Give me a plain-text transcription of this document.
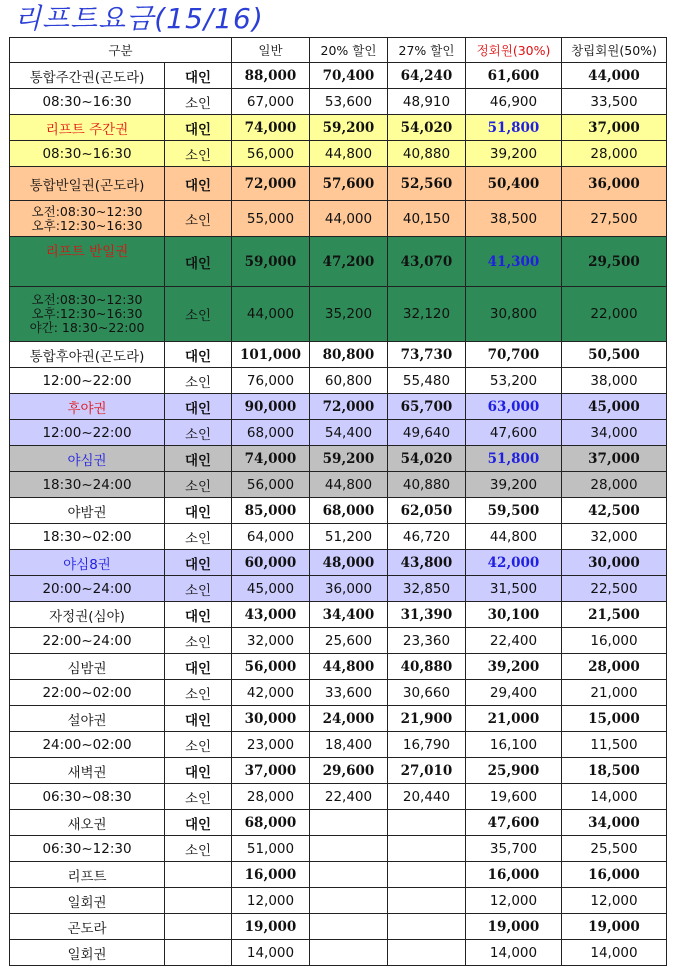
리프트요금(15/16)
구분		일반	20% 할인	27% 할인	정회원(30%)	창립회원(50%)
통합주간권(곤도라)	대인	88,000	70,400	64,240	61,600	44,000
08:30~16:30	소인	67,000	53,600	48,910	46,900	33,500
리프트 주간권	대인	74,000	59,200	54,020	51,800	37,000
08:30~16:30	소인	56,000	44,800	40,880	39,200	28,000
통합반일권(곤도라)	대인	72,000	57,600	52,560	50,400	36,000
오전:08:30~12:30
오후:12:30~16:30	소인	55,000	44,000	40,150	38,500	27,500
리프트 반일권	대인	59,000	47,200	43,070	41,300	29,500
오전:08:30~12:30
오후:12:30~16:30
야간: 18:30~22:00	소인	44,000	35,200	32,120	30,800	22,000
통합후야권(곤도라)	대인	101,000	80,800	73,730	70,700	50,500
12:00~22:00	소인	76,000	60,800	55,480	53,200	38,000
후야권	대인	90,000	72,000	65,700	63,000	45,000
12:00~22:00	소인	68,000	54,400	49,640	47,600	34,000
야심권	대인	74,000	59,200	54,020	51,800	37,000
18:30~24:00	소인	56,000	44,800	40,880	39,200	28,000
야밤권	대인	85,000	68,000	62,050	59,500	42,500
18:30~02:00	소인	64,000	51,200	46,720	44,800	32,000
야심8권	대인	60,000	48,000	43,800	42,000	30,000
20:00~24:00	소인	45,000	36,000	32,850	31,500	22,500
자정권(심야)	대인	43,000	34,400	31,390	30,100	21,500
22:00~24:00	소인	32,000	25,600	23,360	22,400	16,000
심밤권	대인	56,000	44,800	40,880	39,200	28,000
22:00~02:00	소인	42,000	33,600	30,660	29,400	21,000
설야권	대인	30,000	24,000	21,900	21,000	15,000
24:00~02:00	소인	23,000	18,400	16,790	16,100	11,500
새벽권	대인	37,000	29,600	27,010	25,900	18,500
06:30~08:30	소인	28,000	22,400	20,440	19,600	14,000
새오권	대인	68,000			47,600	34,000
06:30~12:30	소인	51,000			35,700	25,500
리프트		16,000			16,000	16,000
일회권		12,000			12,000	12,000
곤도라		19,000			19,000	19,000
일회권		14,000			14,000	14,000
